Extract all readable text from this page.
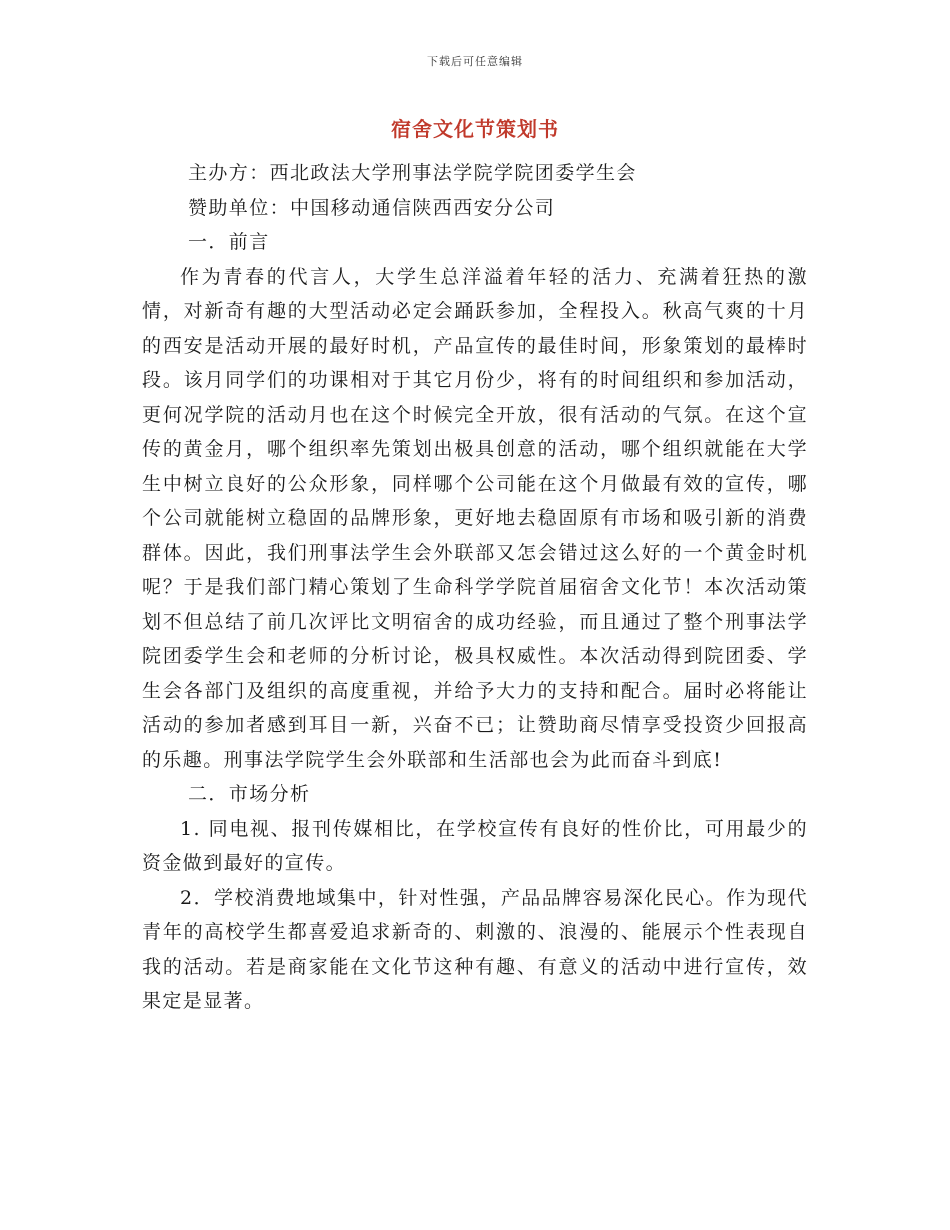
下载后可任意编辑
宿舍文化节策划书

主办方：西北政法大学刑事法学院学院团委学生会

赞助单位：中国移动通信陕西西安分公司

一．前言

作为青春的代言人，大学生总洋溢着年轻的活力、充满着狂热的激情，对新奇有趣的大型活动必定会踊跃参加，全程投入。秋高气爽的十月的西安是活动开展的最好时机，产品宣传的最佳时间，形象策划的最棒时段。该月同学们的功课相对于其它月份少，将有的时间组织和参加活动，更何况学院的活动月也在这个时候完全开放，很有活动的气氛。在这个宣传的黄金月，哪个组织率先策划出极具创意的活动，哪个组织就能在大学生中树立良好的公众形象，同样哪个公司能在这个月做最有效的宣传，哪个公司就能树立稳固的品牌形象，更好地去稳固原有市场和吸引新的消费群体。因此，我们刑事法学生会外联部又怎会错过这么好的一个黄金时机呢？于是我们部门精心策划了生命科学学院首届宿舍文化节！本次活动策划不但总结了前几次评比文明宿舍的成功经验，而且通过了整个刑事法学院团委学生会和老师的分析讨论，极具权威性。本次活动得到院团委、学生会各部门及组织的高度重视，并给予大力的支持和配合。届时必将能让活动的参加者感到耳目一新，兴奋不已；让赞助商尽情享受投资少回报高的乐趣。刑事法学院学生会外联部和生活部也会为此而奋斗到底!

二．市场分析

1. 同电视、报刊传媒相比，在学校宣传有良好的性价比，可用最少的资金做到最好的宣传。

2．学校消费地域集中，针对性强，产品品牌容易深化民心。作为现代青年的高校学生都喜爱追求新奇的、刺激的、浪漫的、能展示个性表现自我的活动。若是商家能在文化节这种有趣、有意义的活动中进行宣传，效果定是显著。
